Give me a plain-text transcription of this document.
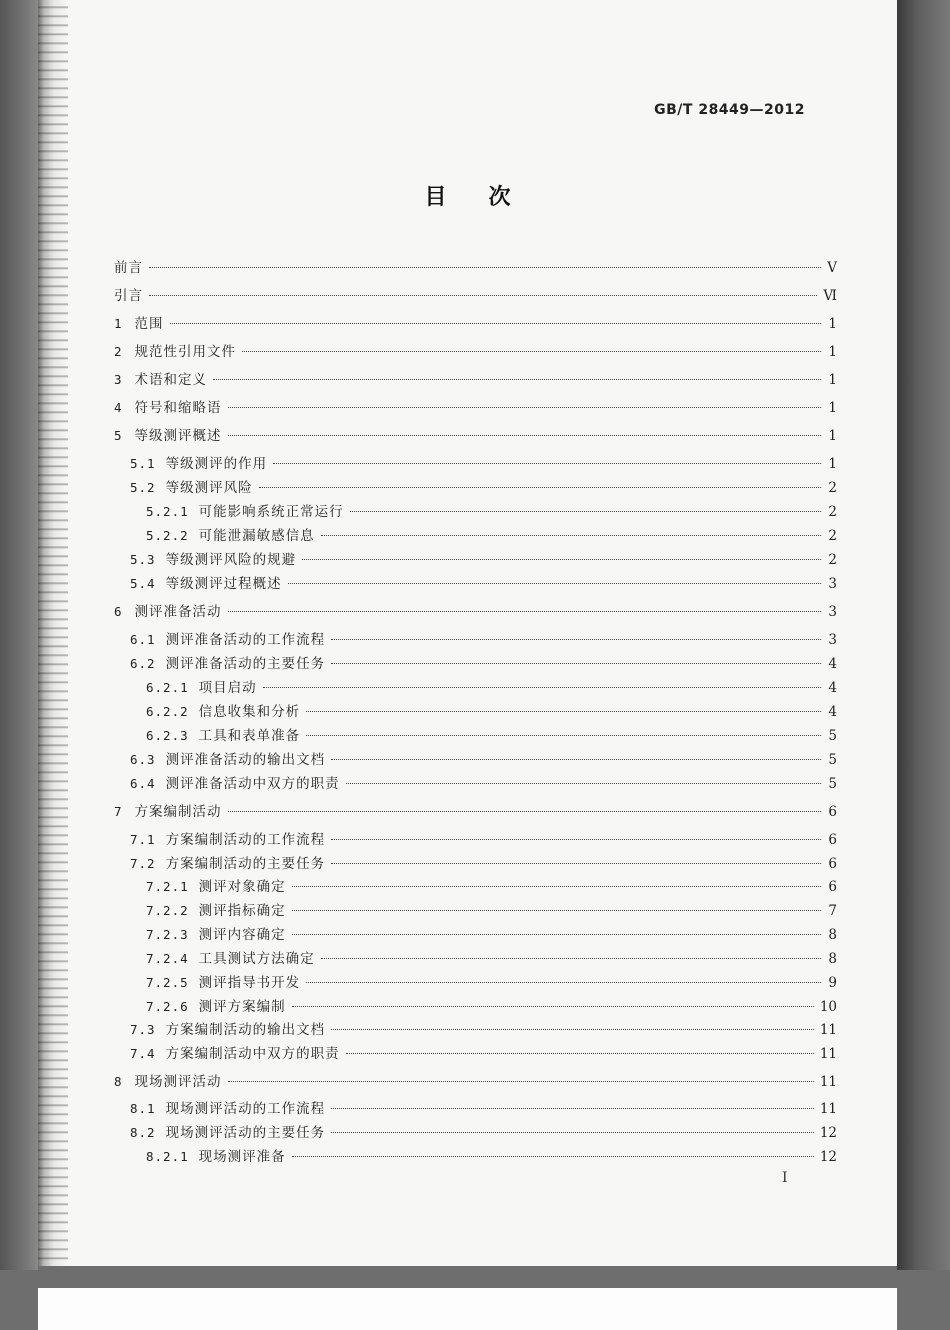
GB/T 28449—2012
目 次
前言	V
引言	Ⅵ
1 范围	1
2 规范性引用文件	1
3 术语和定义	1
4 符号和缩略语	1
5 等级测评概述	1
5.1 等级测评的作用	1
5.2 等级测评风险	2
5.2.1 可能影响系统正常运行	2
5.2.2 可能泄漏敏感信息	2
5.3 等级测评风险的规避	2
5.4 等级测评过程概述	3
6 测评准备活动	3
6.1 测评准备活动的工作流程	3
6.2 测评准备活动的主要任务	4
6.2.1 项目启动	4
6.2.2 信息收集和分析	4
6.2.3 工具和表单准备	5
6.3 测评准备活动的输出文档	5
6.4 测评准备活动中双方的职责	5
7 方案编制活动	6
7.1 方案编制活动的工作流程	6
7.2 方案编制活动的主要任务	6
7.2.1 测评对象确定	6
7.2.2 测评指标确定	7
7.2.3 测评内容确定	8
7.2.4 工具测试方法确定	8
7.2.5 测评指导书开发	9
7.2.6 测评方案编制	10
7.3 方案编制活动的输出文档	11
7.4 方案编制活动中双方的职责	11
8 现场测评活动	11
8.1 现场测评活动的工作流程	11
8.2 现场测评活动的主要任务	12
8.2.1 现场测评准备	12
I
